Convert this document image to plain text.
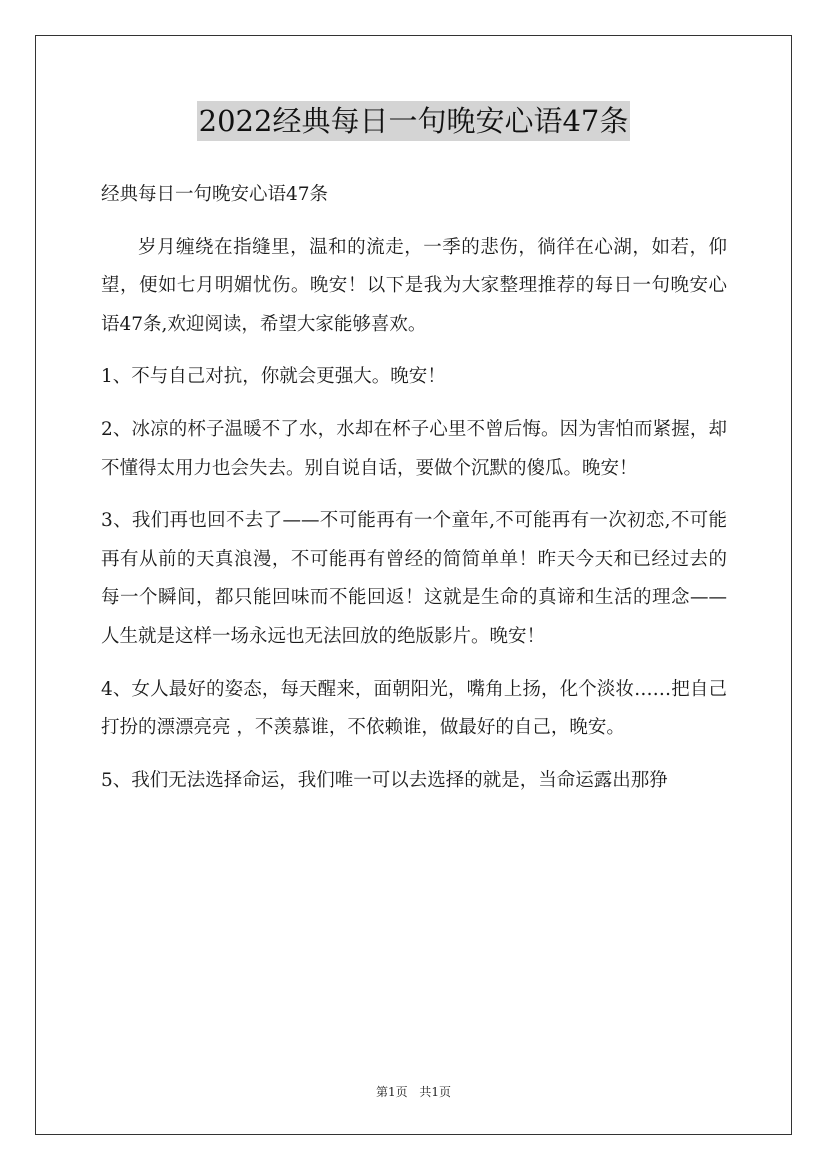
2022经典每日一句晚安心语47条

经典每日一句晚安心语47条

岁月缠绕在指缝里，温和的流走，一季的悲伤，徜徉在心湖，如若，仰望，便如七月明媚忧伤。晚安！以下是我为大家整理推荐的每日一句晚安心语47条,欢迎阅读，希望大家能够喜欢。

1、不与自己对抗，你就会更强大。晚安！

2、冰凉的杯子温暖不了水，水却在杯子心里不曾后悔。因为害怕而紧握，却不懂得太用力也会失去。别自说自话，要做个沉默的傻瓜。晚安！

3、我们再也回不去了——不可能再有一个童年,不可能再有一次初恋,不可能再有从前的天真浪漫，不可能再有曾经的简简单单！昨天今天和已经过去的每一个瞬间，都只能回味而不能回返！这就是生命的真谛和生活的理念——人生就是这样一场永远也无法回放的绝版影片。晚安！

4、女人最好的姿态，每天醒来，面朝阳光，嘴角上扬，化个淡妆……把自己打扮的漂漂亮亮 ，不羡慕谁，不依赖谁，做最好的自己，晚安。

5、我们无法选择命运，我们唯一可以去选择的就是，当命运露出那狰

第1页 共1页
